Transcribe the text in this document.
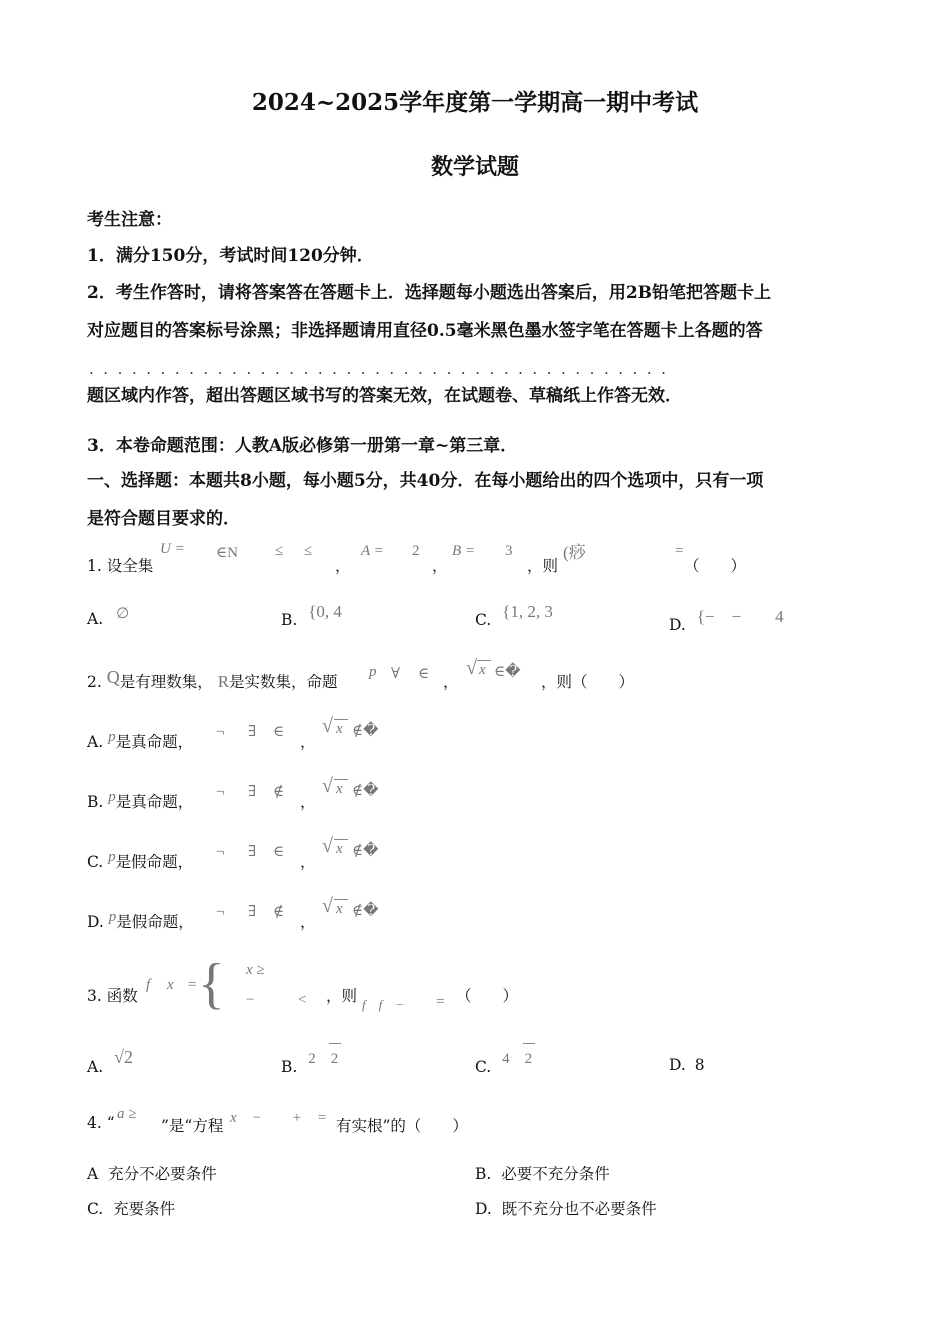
2024~2025学年度第一学期高一期中考试
数学试题
考生注意：
1．满分150分，考试时间120分钟．
2．考生作答时，请将答案答在答题卡上．选择题每小题选出答案后，用2B铅笔把答题卡上
对应题目的答案标号涂黑；非选择题请用直径0.5毫米黑色墨水签字笔在答题卡上各题的答
.  .  .  .  .  .  .  .  .  .  .  .  .  .  .  .  .  .  .  .  .  .  .  .  .  .  .  .  .  .  .  .  .  .  .  .  .  .  .  .  .
题区域内作答，超出答题区域书写的答案无效，在试题卷、草稿纸上作答无效．
3．本卷命题范围：人教A版必修第一册第一章~第三章．
一、选择题：本题共8小题，每小题5分，共40分．在每小题给出的四个选项中，只有一项
是符合题目要求的．
1. 设全集
U = ∈N ≤ ≤
，
A = 2
，
B = 3
，则
(痧	=
（　　）
A. ∅	B. {0, 4	C. {1, 2, 3
D. {−　−　　4
2. Q是有理数集， R是实数集，命题
p ∀ ∈ ，
√ x ∈�
，则（　　）
A. p是真命题，
¬ ∃ ∈
，
√ x ∉�
B. p是真命题，
¬ ∃ ∉
，
√ x ∉�
C. p是假命题，
¬ ∃ ∈
，
√ x ∉�
D. p是假命题，
¬ ∃ ∉
，
√ x ∉�
3. 函数
f x = { x ≥
−	< ，则 f　f　− = （　　）
A. √2	B. 2　2	C. 4　2	D. 8
4. “ a ≥
”是“方程 x　−　　+　= 有实根”的（　　）
A 充分不必要条件	B. 必要不充分条件
C. 充要条件	D. 既不充分也不必要条件
